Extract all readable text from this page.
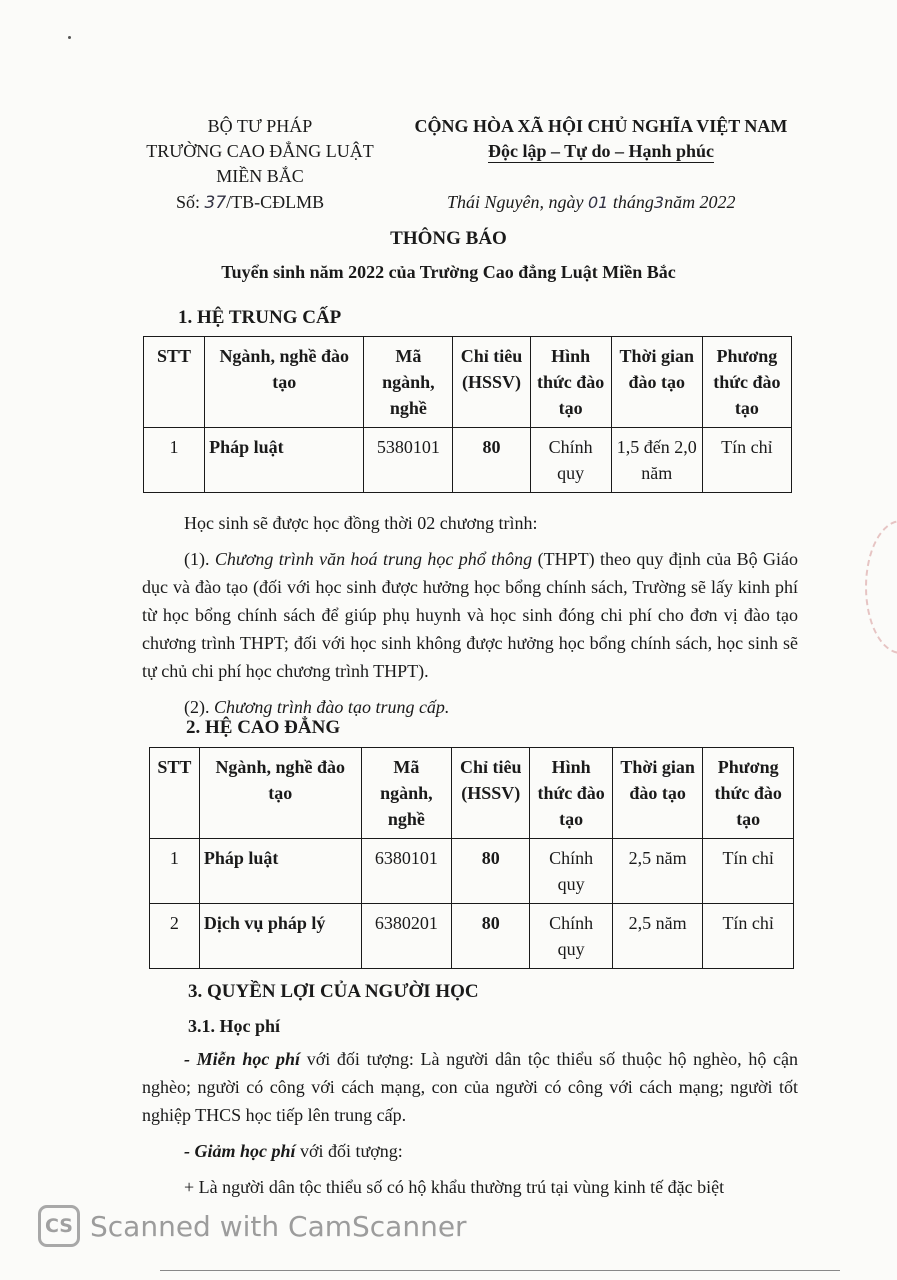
BỘ TƯ PHÁP
TRƯỜNG CAO ĐẲNG LUẬT
MIỀN BẮC
CỘNG HÒA XÃ HỘI CHỦ NGHĨA VIỆT NAM
Độc lập – Tự do – Hạnh phúc
Số: 37/TB-CĐLMB	Thái Nguyên, ngày 01 tháng3năm 2022
THÔNG BÁO
Tuyển sinh năm 2022 của Trường Cao đẳng Luật Miền Bắc
1. HỆ TRUNG CẤP
STT	Ngành, nghề đào tạo	Mã ngành, nghề	Chỉ tiêu (HSSV)	Hình thức đào tạo	Thời gian đào tạo	Phương thức đào tạo
1	Pháp luật	5380101	80	Chính quy	1,5 đến 2,0 năm	Tín chỉ
Học sinh sẽ được học đồng thời 02 chương trình:
(1). Chương trình văn hoá trung học phổ thông (THPT) theo quy định của Bộ Giáo dục và đào tạo (đối với học sinh được hưởng học bổng chính sách, Trường sẽ lấy kinh phí từ học bổng chính sách để giúp phụ huynh và học sinh đóng chi phí cho đơn vị đào tạo chương trình THPT; đối với học sinh không được hưởng học bổng chính sách, học sinh sẽ tự chủ chi phí học chương trình THPT).
(2). Chương trình đào tạo trung cấp.
2. HỆ CAO ĐẲNG
STT	Ngành, nghề đào tạo	Mã ngành, nghề	Chỉ tiêu (HSSV)	Hình thức đào tạo	Thời gian đào tạo	Phương thức đào tạo
1	Pháp luật	6380101	80	Chính quy	2,5 năm	Tín chỉ
2	Dịch vụ pháp lý	6380201	80	Chính quy	2,5 năm	Tín chỉ
3. QUYỀN LỢI CỦA NGƯỜI HỌC
3.1. Học phí
- Miễn học phí với đối tượng: Là người dân tộc thiểu số thuộc hộ nghèo, hộ cận nghèo; người có công với cách mạng, con của người có công với cách mạng; người tốt nghiệp THCS học tiếp lên trung cấp.
- Giảm học phí với đối tượng:
+ Là người dân tộc thiểu số có hộ khẩu thường trú tại vùng kinh tế đặc biệt
CS Scanned with CamScanner
